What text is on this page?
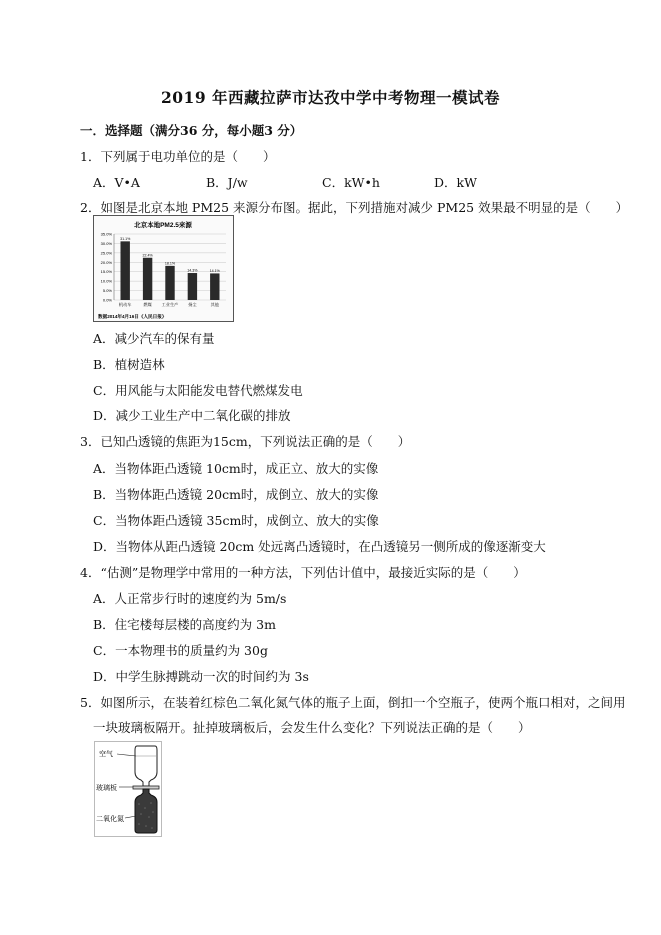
2019 年西藏拉萨市达孜中学中考物理一模试卷
一．选择题（满分36 分，每小题3 分）
1．下列属于电功单位的是（　　）
A．V•A	B．J/w	C．kW•h	D．kW
2．如图是北京本地 PM25 来源分布图。据此，下列措施对减少 PM25 效果最不明显的是（　　）
北京本地PM2.5来源
35.0%
30.0%
25.0%
20.0%
15.0%
10.0%
5.0%
0.0%
机动车	燃煤 工业生产 扬尘	其他
31.1%
22.4%
18.1%
14.3%	14.1%
数据2014年4月16日《人民日报》
A．减少汽车的保有量
B．植树造林
C．用风能与太阳能发电替代燃煤发电
D．减少工业生产中二氧化碳的排放
3．已知凸透镜的焦距为15cm，下列说法正确的是（　　）
A．当物体距凸透镜 10cm时，成正立、放大的实像
B．当物体距凸透镜 20cm时，成倒立、放大的实像
C．当物体距凸透镜 35cm时，成倒立、放大的实像
D．当物体从距凸透镜 20cm 处远离凸透镜时，在凸透镜另一侧所成的像逐渐变大
4．“估测”是物理学中常用的一种方法，下列估计值中，最接近实际的是（　　）
A．人正常步行时的速度约为 5m/s
B．住宅楼每层楼的高度约为 3m
C．一本物理书的质量约为 30g
D．中学生脉搏跳动一次的时间约为 3s
5．如图所示，在装着红棕色二氧化氮气体的瓶子上面，倒扣一个空瓶子，使两个瓶口相对，之间用
一块玻璃板隔开。扯掉玻璃板后，会发生什么变化？下列说法正确的是（　　）
空气
玻璃板
二氧化氮
